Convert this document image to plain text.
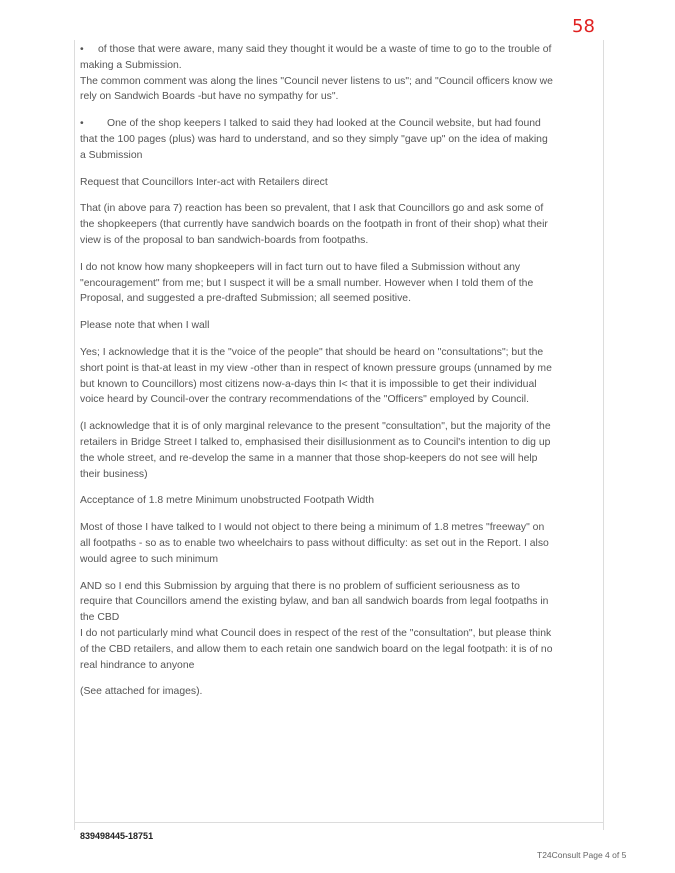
58

• of those that were aware, many said they thought it would be a waste of time to go to the trouble of making a Submission.

The common comment was along the lines "Council never listens to us"; and "Council officers know we rely on Sandwich Boards -but have no sympathy for us".

• One of the shop keepers I talked to said they had looked at the Council website, but had found that the 100 pages (plus) was hard to understand, and so they simply "gave up" on the idea of making a Submission

Request that Councillors Inter-act with Retailers direct

That (in above para 7) reaction has been so prevalent, that I ask that Councillors go and ask some of the shopkeepers (that currently have sandwich boards on the footpath in front of their shop) what their view is of the proposal to ban sandwich-boards from footpaths.

I do not know how many shopkeepers will in fact turn out to have filed a Submission without any "encouragement" from me; but I suspect it will be a small number. However when I told them of the Proposal, and suggested a pre-drafted Submission; all seemed positive.

Please note that when I wall

Yes; I acknowledge that it is the "voice of the people" that should be heard on "consultations"; but the short point is that-at least in my view -other than in respect of known pressure groups (unnamed by me but known to Councillors) most citizens now-a-days thin I< that it is impossible to get their individual voice heard by Council-over the contrary recommendations of the "Officers" employed by Council.

(I acknowledge that it is of only marginal relevance to the present "consultation", but the majority of the retailers in Bridge Street I talked to, emphasised their disillusionment as to Council's intention to dig up the whole street, and re-develop the same in a manner that those shop-keepers do not see will help their business)

Acceptance of 1.8 metre Minimum unobstructed Footpath Width

Most of those I have talked to I would not object to there being a minimum of 1.8 metres "freeway" on all footpaths - so as to enable two wheelchairs to pass without difficulty: as set out in the Report. I also would agree to such minimum

AND so I end this Submission by arguing that there is no problem of sufficient seriousness as to require that Councillors amend the existing bylaw, and ban all sandwich boards from legal footpaths in the CBD

I do not particularly mind what Council does in respect of the rest of the "consultation", but please think of the CBD retailers, and allow them to each retain one sandwich board on the legal footpath: it is of no real hindrance to anyone

(See attached for images).

839498445-18751
T24Consult Page 4 of 5
